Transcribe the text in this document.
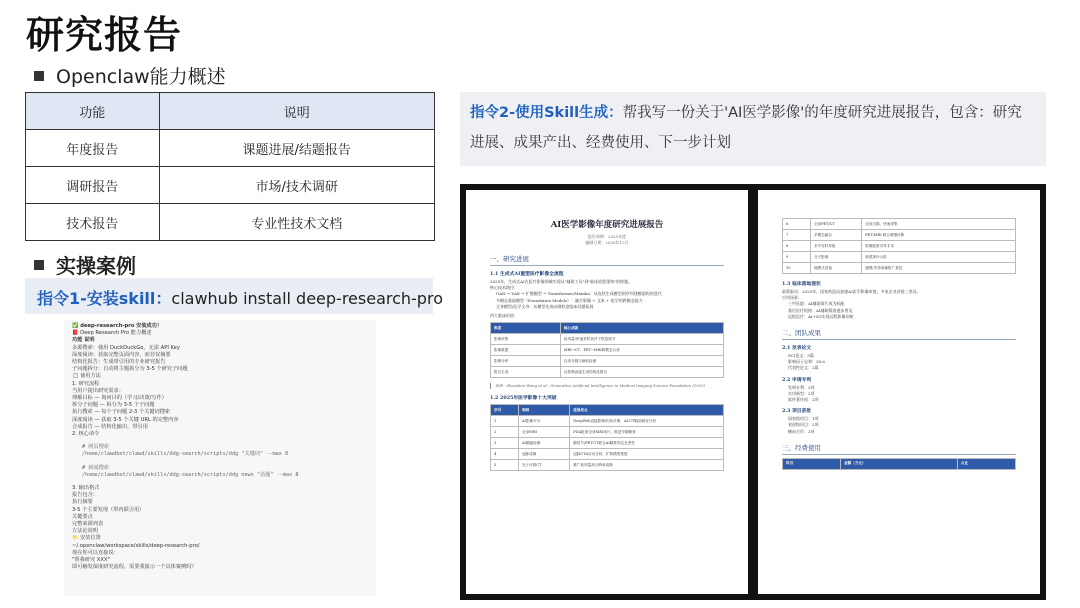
研究报告
Openclaw能力概述
功能	说明
年度报告	课题进展/结题报告
调研报告	市场/技术调研
技术报告	专业性技术文档
实操案例
指令1-安装skill：clawhub install deep-research-pro
✅ deep-research-pro 安装成功！
📕 Deep Research Pro 能力概述
功能 说明
多源搜索：使用 DuckDuckGo，无需 API Key
深度阅读：获取完整页面内容，而非仅摘要
结构化报告：生成带引用的专业研究报告
子问题拆分：自动将主题拆分为 3-5 个研究子问题
📋 使用方法
1. 研究流程
当用户提出研究需求：
理解目标 — 询问目的（学习/决策/写作）
拆分子问题 — 拆分为 3-5 个子问题
执行搜索 — 每个子问题 2-3 个关键词搜索
深度阅读 — 获取 3-5 个关键 URL 的完整内容
合成报告 — 结构化输出，带引用
2. 核心命令
# 网页搜索
/home/clawdbot/clawd/skills/ddg-search/scripts/ddg "关键词" --max 8
# 新闻搜索
/home/clawdbot/clawd/skills/ddg-search/scripts/ddg news "话题" --max 8
3. 输出格式
报告包含：
执行摘要
3-5 个主要发现（带内联引用）
关键要点
完整来源列表
方法论说明
📁 安装位置
~/.openclaw/workspace/skills/deep-research-pro/
现在你可以直接说：
"帮我研究 XXX"
即可触发深度研究流程。需要我演示一个具体案例吗？
指令2-使用Skill生成：帮我写一份关于'AI医学影像'的年度研究进展报告，包含：研究进展、成果产出、经费使用、下一步计划
AI医学影像年度研究进展报告
报告周期：2025年度
编制日期：2025年12月
一、研究进展
1.1 生成式AI重塑医疗影像全流程
2025年，生成式AI在医疗影像领域实现从"辅助工具"到"临床流程重构"的跨越。
核心技术路径：
GAN → VAE → 扩散模型 → Transformer/Mamba：从连续生成模型到序列建模架构的迭代
多模态基础模型（Foundation Models）：融合影像 + 文本 + 组学的跨模态能力
全身模型/医学全身：从模型先成向细粒度临床问题拓展
四大临床价值：
维度	核心成就
影像采集	低剂量/快速采样条件下恢复细节
影像重建	MRI→CT、PET→MRI跨模态合成
影像分析	自动分割与病灶检测
报告生成	从影像直接生成结构化报告
来源：Shaoshan Wang et al., Generative Artificial Intelligence in Medical Imaging Science Foundation (2025)
1.2 2025年医学影像十大突破
序号	领域	进展亮点
1	AI影像平台	DeepWeb直接影像识别/诊断，AI-CT胸部病变分析
2	全身MRI	FDA批准全身MRI读片，推进早期筛查
3	AI肺癌检测	肺结节/PET-CT联合AI精准判定良恶性
4	冠脉成像	冠脉CTA自动分析，扩散模型重建
5	光子计数CT	推广低剂量高分辨率成像
6	全身PET/CT	全身扫描，快速采集
7	多模态融合	PET/MRI 联合增强诊断
8	术中实时导航	影像配准引导手术
9	分子影像	新型探针示踪
10	便携式设备	便携/手持成像推广基层
1.3 临床落地现状
政策驱动：2025年，国家药监局加速AI医学影像审批，多家企业获批三类证。
应用场景：
三甲医院：AI辅助阅片成为标配
基层医疗机构：AI辅助筛查逐步普及
远程医疗：AI+5G实现远程影像诊断
二、团队成果
2.1 发表论文
SCI论文：5篇
影响因子总和：38.6
代表性论文：2篇
2.2 申请专利
发明专利：3项
实用新型：2项
软件著作权：2项
2.3 项目获批
国家级项目：1项
省部级项目：2项
横向合作：3项
三、经费使用
科目	金额（万元）	占比
